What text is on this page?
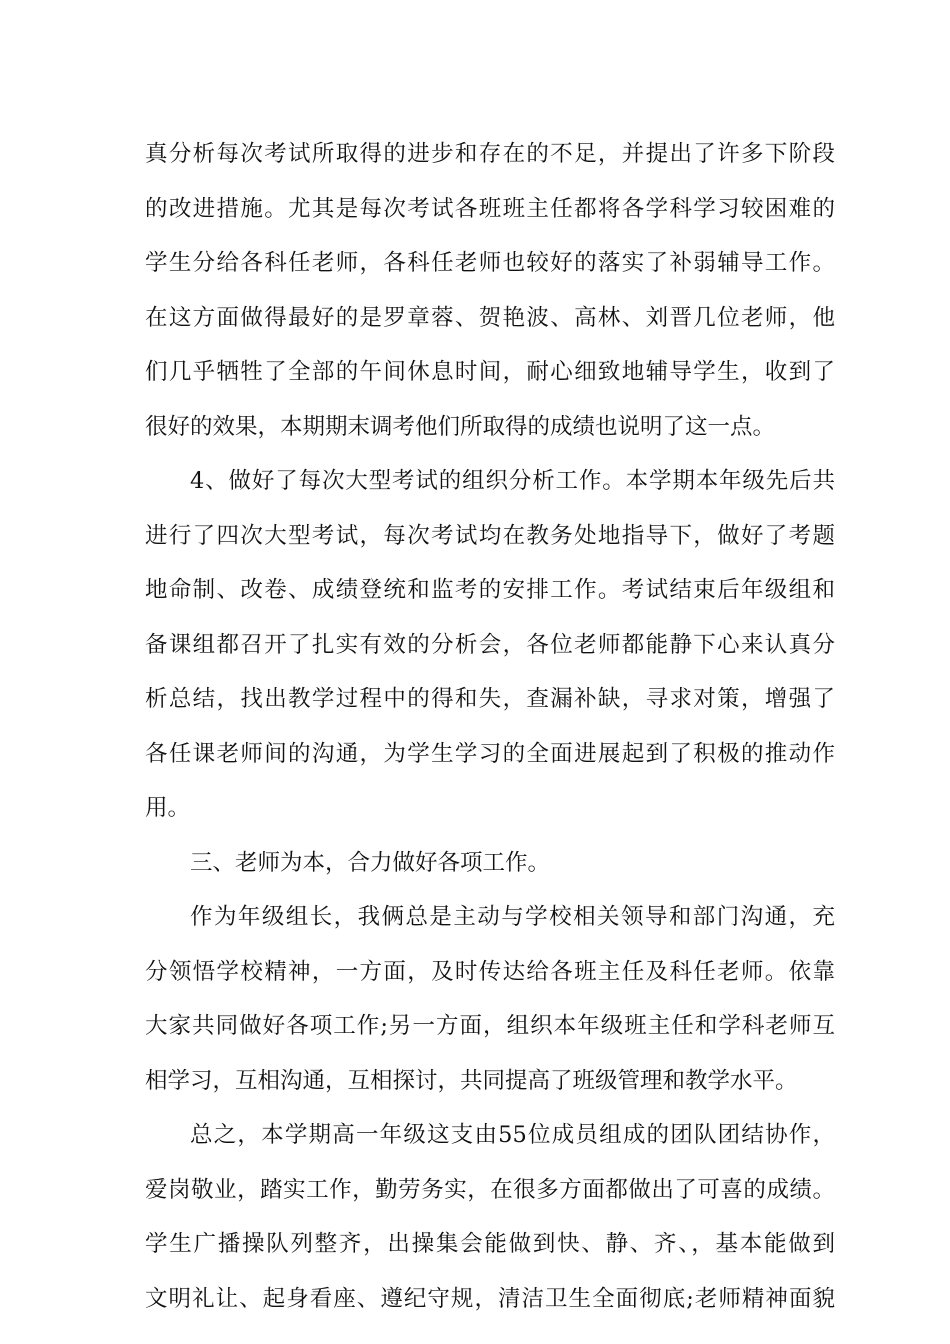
真分析每次考试所取得的进步和存在的不足，并提出了许多下阶段
的改进措施。尤其是每次考试各班班主任都将各学科学习较困难的
学生分给各科任老师，各科任老师也较好的落实了补弱辅导工作。
在这方面做得最好的是罗章蓉、贺艳波、高林、刘晋几位老师，他
们几乎牺牲了全部的午间休息时间，耐心细致地辅导学生，收到了
很好的效果，本期期末调考他们所取得的成绩也说明了这一点。
4、做好了每次大型考试的组织分析工作。本学期本年级先后共
进行了四次大型考试，每次考试均在教务处地指导下，做好了考题
地命制、改卷、成绩登统和监考的安排工作。考试结束后年级组和
备课组都召开了扎实有效的分析会，各位老师都能静下心来认真分
析总结，找出教学过程中的得和失，查漏补缺，寻求对策，增强了
各任课老师间的沟通，为学生学习的全面进展起到了积极的推动作
用。
三、老师为本，合力做好各项工作。
作为年级组长，我俩总是主动与学校相关领导和部门沟通，充
分领悟学校精神，一方面，及时传达给各班主任及科任老师。依靠
大家共同做好各项工作;另一方面，组织本年级班主任和学科老师互
相学习，互相沟通，互相探讨，共同提高了班级管理和教学水平。
总之，本学期高一年级这支由55位成员组成的团队团结协作，
爱岗敬业，踏实工作，勤劳务实，在很多方面都做出了可喜的成绩。
学生广播操队列整齐，出操集会能做到快、静、齐、，基本能做到
文明礼让、起身看座、遵纪守规，清洁卫生全面彻底;老师精神面貌
